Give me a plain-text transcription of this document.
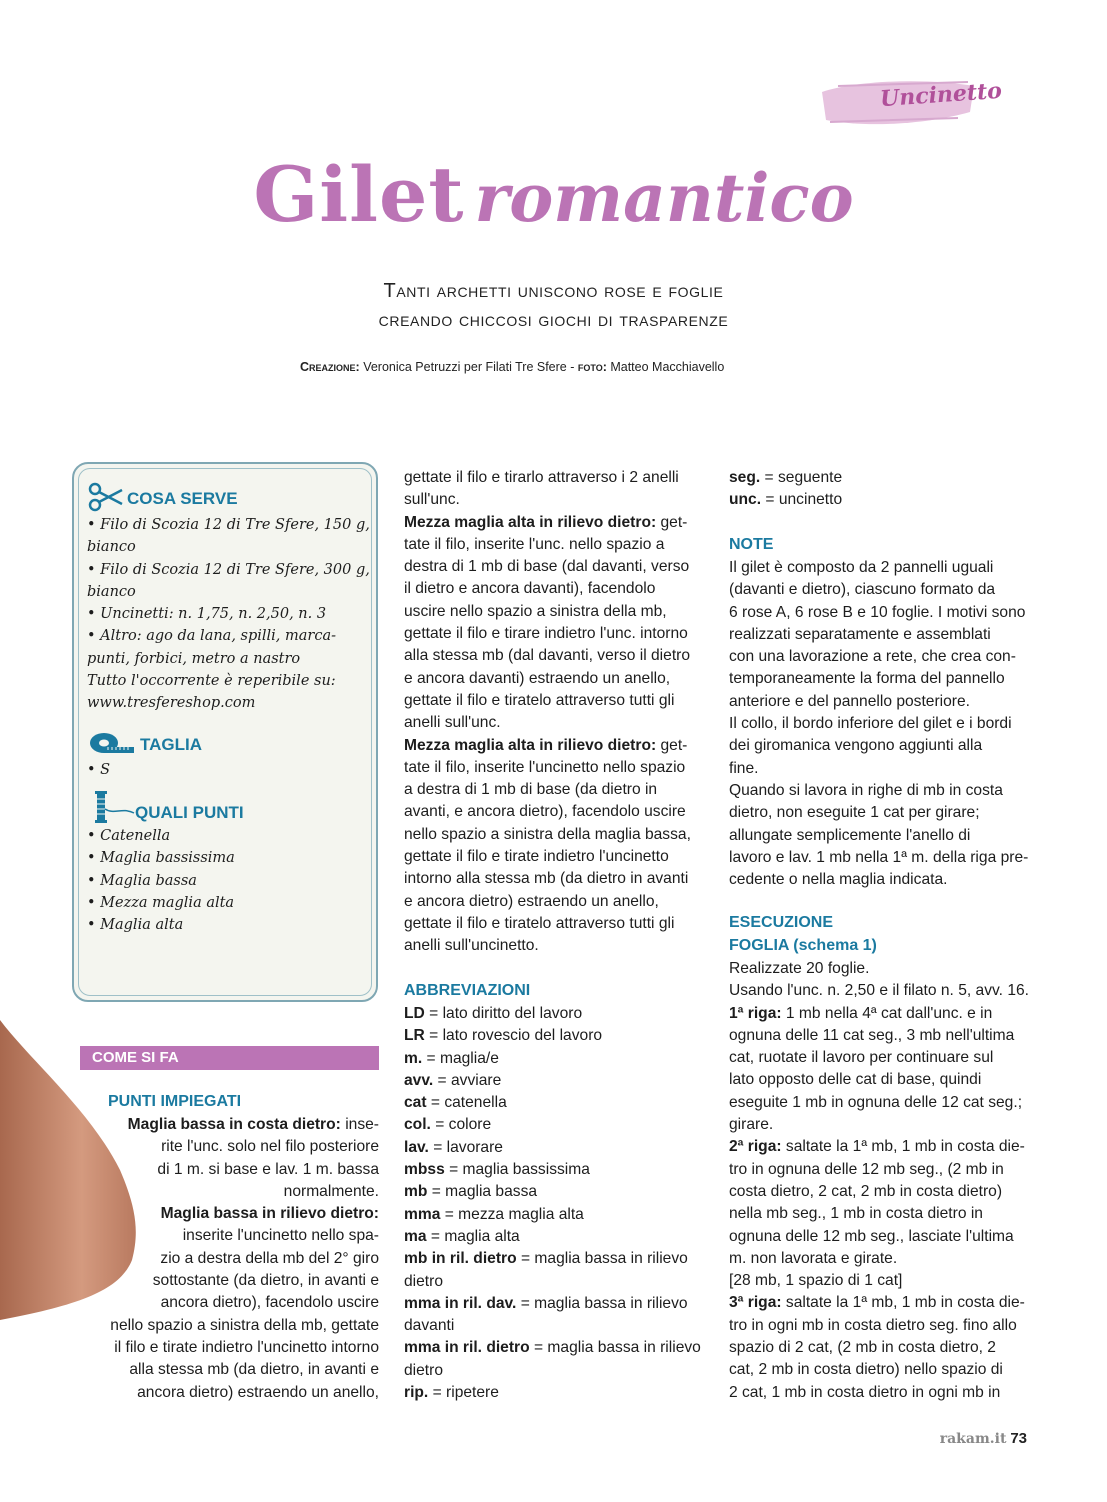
Uncinetto
Gilet romantico
Tanti archetti uniscono rose e foglie
creando chiccosi giochi di trasparenze
Creazione: Veronica Petruzzi per Filati Tre Sfere - foto: Matteo Macchiavello
COSA SERVE
• Filo di Scozia 12 di Tre Sfere, 150 g,
bianco
• Filo di Scozia 12 di Tre Sfere, 300 g,
bianco
• Uncinetti: n. 1,75, n. 2,50, n. 3
• Altro: ago da lana, spilli, marca-
punti, forbici, metro a nastro
Tutto l'occorrente è reperibile su:
www.tresfereshop.com
TAGLIA
• S
QUALI PUNTI
• Catenella
• Maglia bassissima
• Maglia bassa
• Mezza maglia alta
• Maglia alta
COME SI FA
PUNTI IMPIEGATI
Maglia bassa in costa dietro: inse-
rite l'unc. solo nel filo posteriore
di 1 m. si base e lav. 1 m. bassa
normalmente.
Maglia bassa in rilievo dietro:
inserite l'uncinetto nello spa-
zio a destra della mb del 2° giro
sottostante (da dietro, in avanti e
ancora dietro), facendolo uscire
nello spazio a sinistra della mb, gettate
il filo e tirate indietro l'uncinetto intorno
alla stessa mb (da dietro, in avanti e
ancora dietro) estraendo un anello,
gettate il filo e tirarlo attraverso i 2 anelli
sull'unc.
Mezza maglia alta in rilievo dietro: get-
tate il filo, inserite l'unc. nello spazio a
destra di 1 mb di base (dal davanti, verso
il dietro e ancora davanti), facendolo
uscire nello spazio a sinistra della mb,
gettate il filo e tirare indietro l'unc. intorno
alla stessa mb (dal davanti, verso il dietro
e ancora davanti) estraendo un anello,
gettate il filo e tiratelo attraverso tutti gli
anelli sull'unc.
Mezza maglia alta in rilievo dietro: get-
tate il filo, inserite l'uncinetto nello spazio
a destra di 1 mb di base (da dietro in
avanti, e ancora dietro), facendolo uscire
nello spazio a sinistra della maglia bassa,
gettate il filo e tirate indietro l'uncinetto
intorno alla stessa mb (da dietro in avanti
e ancora dietro) estraendo un anello,
gettate il filo e tiratelo attraverso tutti gli
anelli sull'uncinetto.
ABBREVIAZIONI
LD = lato diritto del lavoro
LR = lato rovescio del lavoro
m. = maglia/e
avv. = avviare
cat = catenella
col. = colore
lav. = lavorare
mbss = maglia bassissima
mb = maglia bassa
mma = mezza maglia alta
ma = maglia alta
mb in ril. dietro = maglia bassa in rilievo
dietro
mma in ril. dav. = maglia bassa in rilievo
davanti
mma in ril. dietro = maglia bassa in rilievo
dietro
rip. = ripetere
seg. = seguente
unc. = uncinetto
NOTE
Il gilet è composto da 2 pannelli uguali
(davanti e dietro), ciascuno formato da
6 rose A, 6 rose B e 10 foglie. I motivi sono
realizzati separatamente e assemblati
con una lavorazione a rete, che crea con-
temporaneamente la forma del pannello
anteriore e del pannello posteriore.
Il collo, il bordo inferiore del gilet e i bordi
dei giromanica vengono aggiunti alla
fine.
Quando si lavora in righe di mb in costa
dietro, non eseguite 1 cat per girare;
allungate semplicemente l'anello di
lavoro e lav. 1 mb nella 1ª m. della riga pre-
cedente o nella maglia indicata.
ESECUZIONE
FOGLIA (schema 1)
Realizzate 20 foglie.
Usando l'unc. n. 2,50 e il filato n. 5, avv. 16.
1ª riga: 1 mb nella 4ª cat dall'unc. e in
ognuna delle 11 cat seg., 3 mb nell'ultima
cat, ruotate il lavoro per continuare sul
lato opposto delle cat di base, quindi
eseguite 1 mb in ognuna delle 12 cat seg.;
girare.
2ª riga: saltate la 1ª mb, 1 mb in costa die-
tro in ognuna delle 12 mb seg., (2 mb in
costa dietro, 2 cat, 2 mb in costa dietro)
nella mb seg., 1 mb in costa dietro in
ognuna delle 12 mb seg., lasciate l'ultima
m. non lavorata e girate.
[28 mb, 1 spazio di 1 cat]
3ª riga: saltate la 1ª mb, 1 mb in costa die-
tro in ogni mb in costa dietro seg. fino allo
spazio di 2 cat, (2 mb in costa dietro, 2
cat, 2 mb in costa dietro) nello spazio di
2 cat, 1 mb in costa dietro in ogni mb in
rakam.it 73
